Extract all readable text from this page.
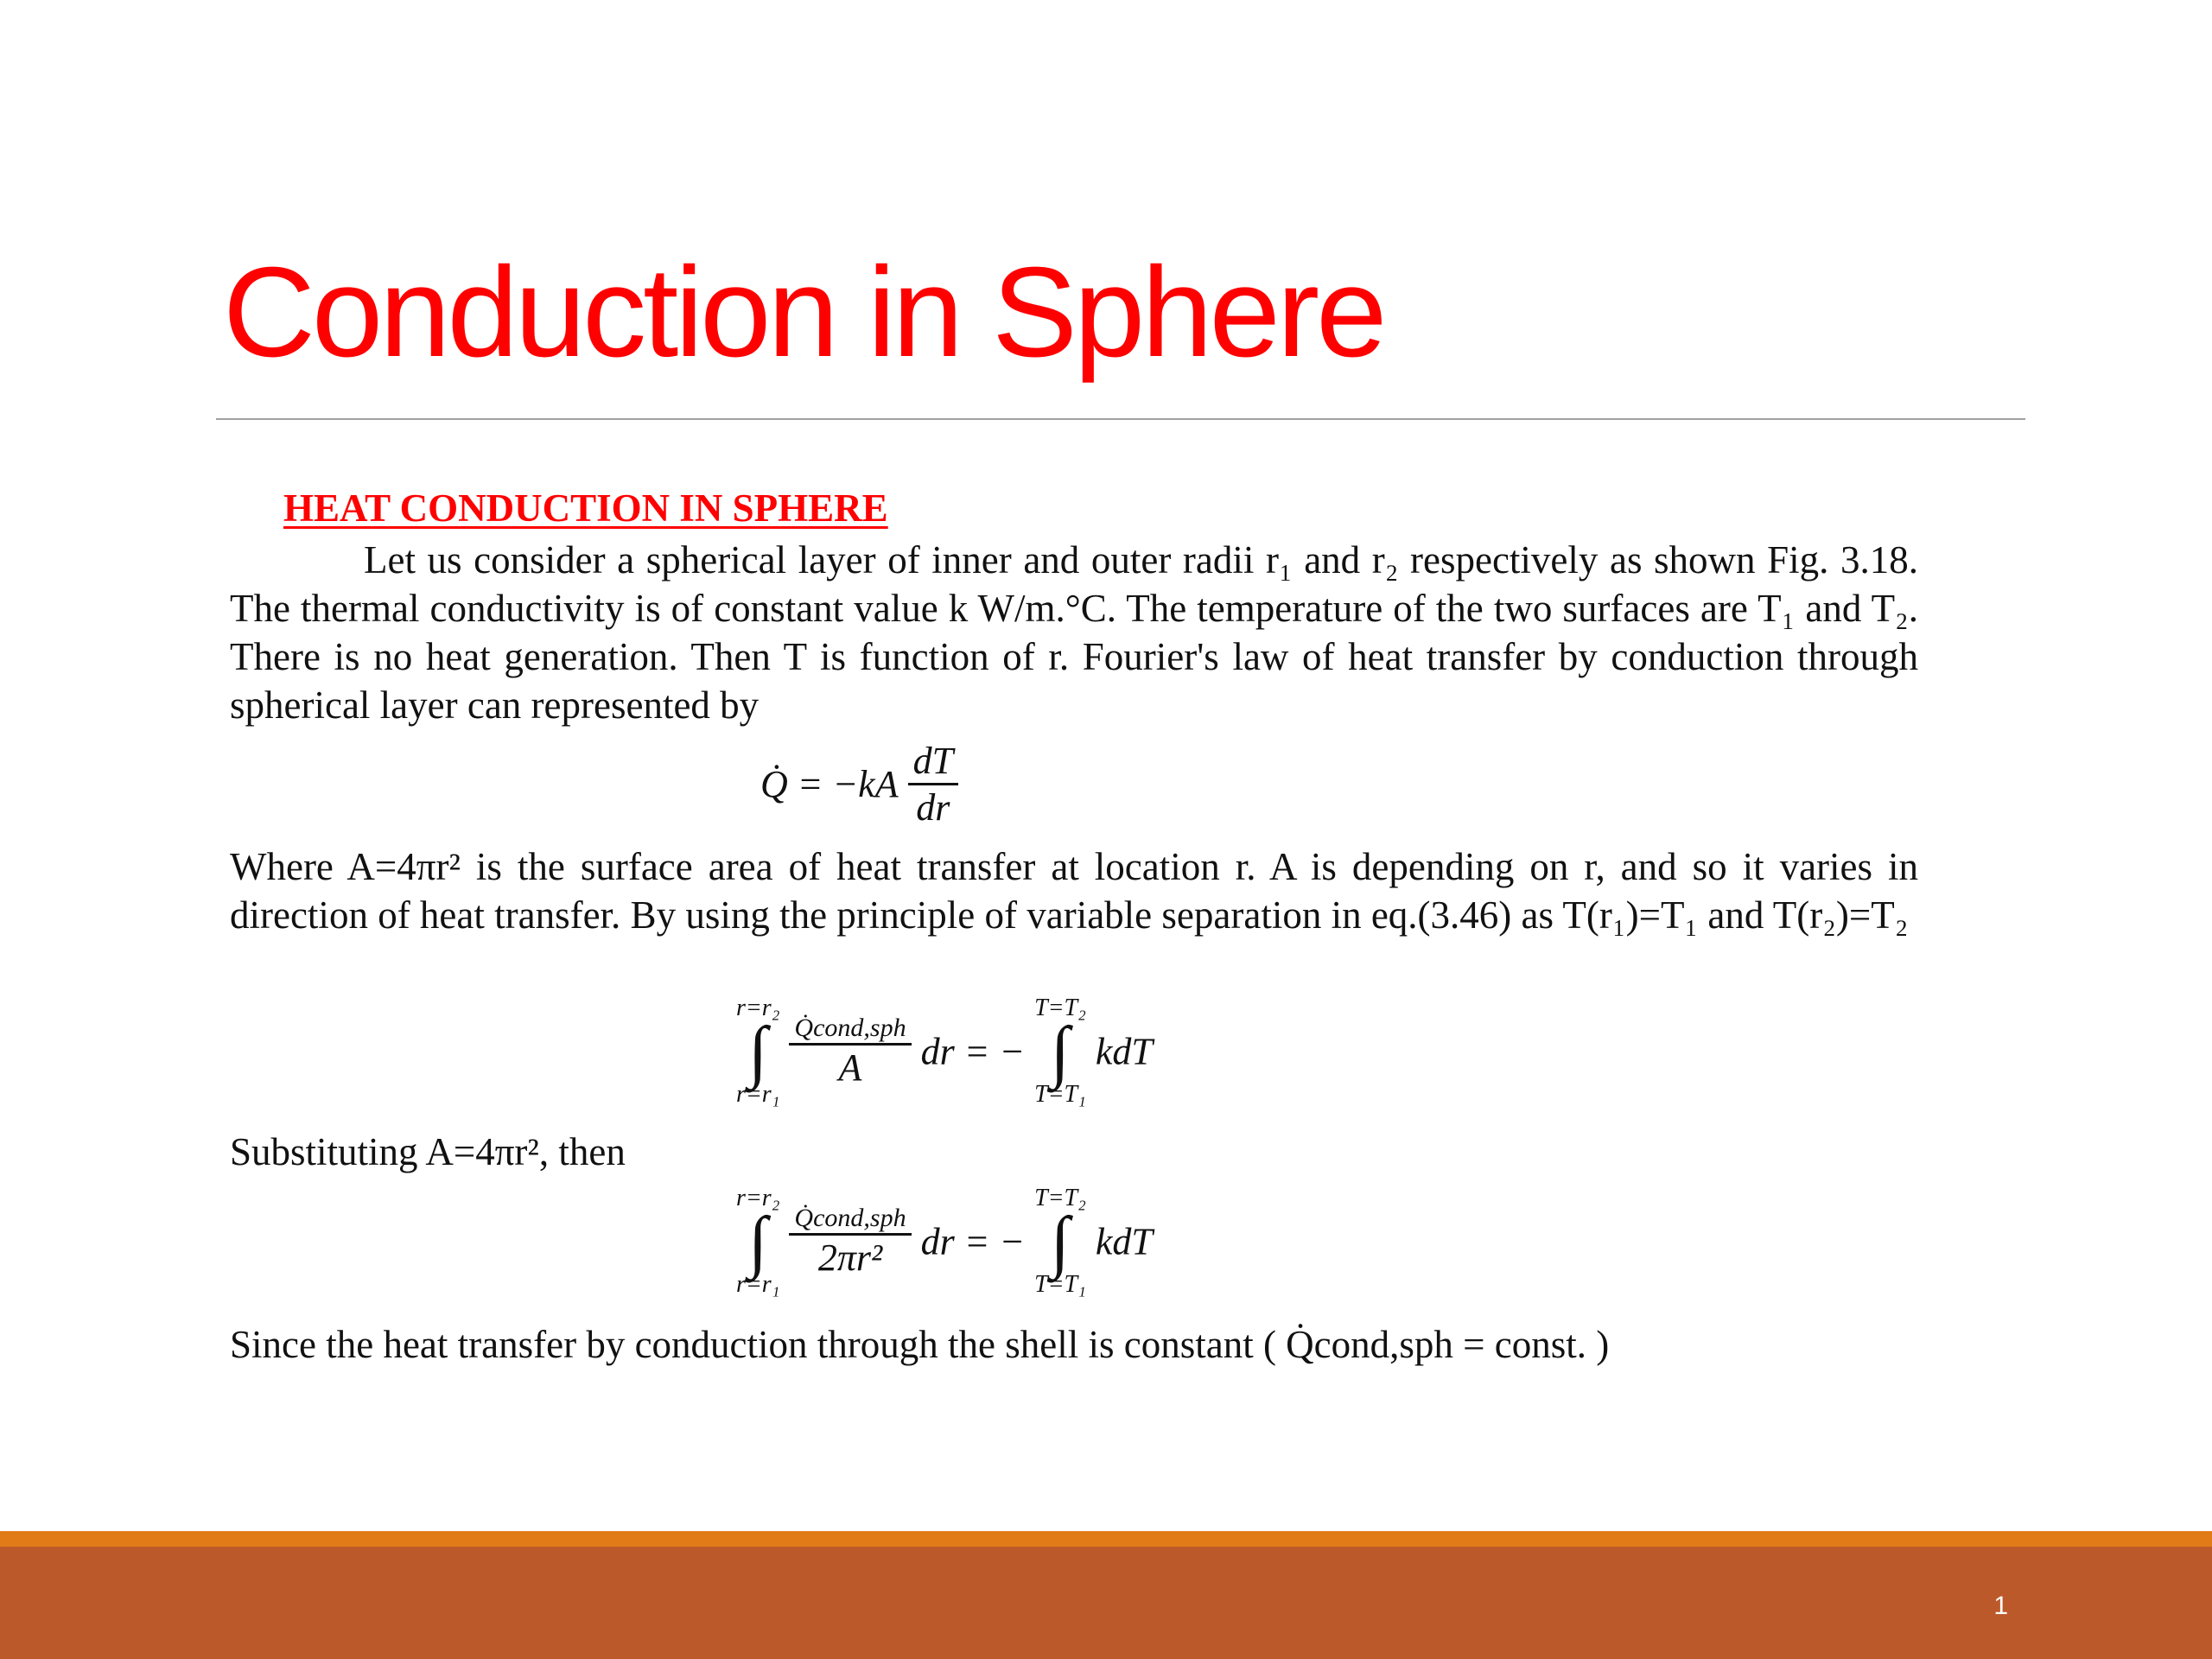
Conduction in Sphere
HEAT CONDUCTION IN SPHERE

Let us consider a spherical layer of inner and outer radii r₁ and r₂ respectively as shown Fig. 3.18. The thermal conductivity is of constant value k W/m.°C. The temperature of the two surfaces are T₁ and T₂. There is no heat generation. Then T is function of r. Fourier's law of heat transfer by conduction through spherical layer can represented by

Q̇ = $-kA \frac{dT}{dr}$

Where A=4πr² is the surface area of heat transfer at location r. A is depending on r, and so it varies in direction of heat transfer. By using the principle of variable separation in eq.(3.46) as T(r₁)=T₁ and T(r₂)=T₂

r=r₂
∫
r=r₁

$\frac{\text{Q̇cond,sph}}{A}$ dr = −
T=T₂
∫
T=T₁
kdT

Substituting A=4πr², then

r=r₂
∫
r=r₁

$\frac{\text{Q̇cond,sph}}{\text{2πr²}}$ dr = −
T=T₂
∫
T=T₁
kdT

Since the heat transfer by conduction through the shell is constant ( Q̇cond,sph = const. )

1
